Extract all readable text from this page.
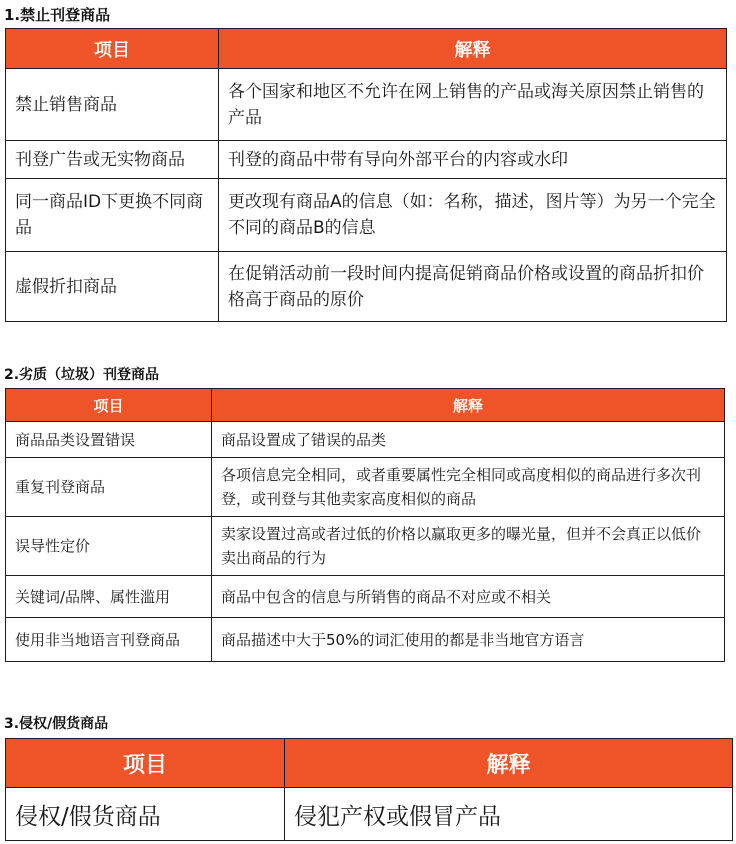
1.禁止刊登商品
项目	解释
禁止销售商品	各个国家和地区不允许在网上销售的产品或海关原因禁止销售的产品
刊登广告或无实物商品	刊登的商品中带有导向外部平台的内容或水印
同一商品ID下更换不同商品	更改现有商品A的信息（如：名称，描述，图片等）为另一个完全不同的商品B的信息
虚假折扣商品	在促销活动前一段时间内提高促销商品价格或设置的商品折扣价格高于商品的原价
2.劣质（垃圾）刊登商品
项目	解释
商品品类设置错误	商品设置成了错误的品类
重复刊登商品	各项信息完全相同，或者重要属性完全相同或高度相似的商品进行多次刊登，或刊登与其他卖家高度相似的商品
误导性定价	卖家设置过高或者过低的价格以赢取更多的曝光量，但并不会真正以低价卖出商品的行为
关键词/品牌、属性滥用	商品中包含的信息与所销售的商品不对应或不相关
使用非当地语言刊登商品	商品描述中大于50%的词汇使用的都是非当地官方语言
3.侵权/假货商品
项目	解释
侵权/假货商品	侵犯产权或假冒产品
